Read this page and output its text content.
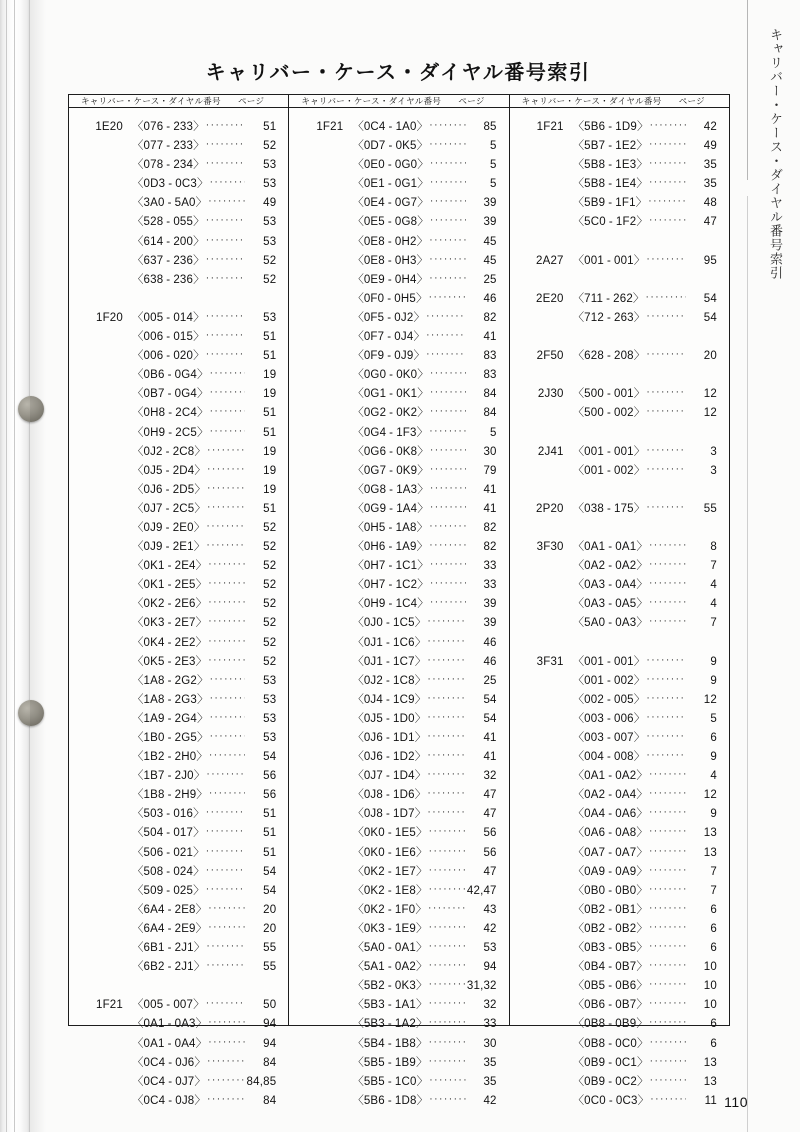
キャリバー・ケース・ダイヤル番号索引
キャリバー・ケース・ダイヤル番号索引
キャリバー・ケース・ダイヤル番号 ページ
1E20 〈076 - 233〉 ·····	51
〈077 - 233〉 ·····	52
〈078 - 234〉 ·····	53
〈0D3 - 0C3〉 ·····	53
〈3A0 - 5A0〉 ·····	49
〈528 - 055〉 ·····	53
〈614 - 200〉 ·····	53
〈637 - 236〉 ·····	52
〈638 - 236〉 ·····	52
1F20 〈005 - 014〉 ·····	53
〈006 - 015〉 ·····	51
〈006 - 020〉 ·····	51
〈0B6 - 0G4〉 ·····	19
〈0B7 - 0G4〉 ·····	19
〈0H8 - 2C4〉 ·····	51
〈0H9 - 2C5〉 ·····	51
〈0J2 - 2C8〉 ·····	19
〈0J5 - 2D4〉 ·····	19
〈0J6 - 2D5〉 ·····	19
〈0J7 - 2C5〉 ·····	51
〈0J9 - 2E0〉 ·····	52
〈0J9 - 2E1〉 ·····	52
〈0K1 - 2E4〉 ·····	52
〈0K1 - 2E5〉 ·····	52
〈0K2 - 2E6〉 ·····	52
〈0K3 - 2E7〉 ·····	52
〈0K4 - 2E2〉 ·····	52
〈0K5 - 2E3〉 ·····	52
〈1A8 - 2G2〉 ·····	53
〈1A8 - 2G3〉 ·····	53
〈1A9 - 2G4〉 ·····	53
〈1B0 - 2G5〉 ·····	53
〈1B2 - 2H0〉 ·····	54
〈1B7 - 2J0〉 ·····	56
〈1B8 - 2H9〉 ·····	56
〈503 - 016〉 ·····	51
〈504 - 017〉 ·····	51
〈506 - 021〉 ·····	51
〈508 - 024〉 ·····	54
〈509 - 025〉 ·····	54
〈6A4 - 2E8〉 ·····	20
〈6A4 - 2E9〉 ·····	20
〈6B1 - 2J1〉 ·····	55
〈6B2 - 2J1〉 ·····	55
1F21 〈005 - 007〉 ·····	50
〈0A1 - 0A3〉 ·····	94
〈0A1 - 0A4〉 ·····	94
〈0C4 - 0J6〉 ·····	84
〈0C4 - 0J7〉 ·····	84,85
〈0C4 - 0J8〉 ·····	84
キャリバー・ケース・ダイヤル番号 ページ
1F21 〈0C4 - 1A0〉 ·····	85
〈0D7 - 0K5〉 ·····	5
〈0E0 - 0G0〉 ·····	5
〈0E1 - 0G1〉 ·····	5
〈0E4 - 0G7〉 ·····	39
〈0E5 - 0G8〉 ·····	39
〈0E8 - 0H2〉 ·····	45
〈0E8 - 0H3〉 ·····	45
〈0E9 - 0H4〉 ·····	25
〈0F0 - 0H5〉 ·····	46
〈0F5 - 0J2〉 ·····	82
〈0F7 - 0J4〉 ·····	41
〈0F9 - 0J9〉 ·····	83
〈0G0 - 0K0〉 ·····	83
〈0G1 - 0K1〉 ·····	84
〈0G2 - 0K2〉 ·····	84
〈0G4 - 1F3〉 ·····	5
〈0G6 - 0K8〉 ·····	30
〈0G7 - 0K9〉 ·····	79
〈0G8 - 1A3〉 ·····	41
〈0G9 - 1A4〉 ·····	41
〈0H5 - 1A8〉 ·····	82
〈0H6 - 1A9〉 ·····	82
〈0H7 - 1C1〉 ·····	33
〈0H7 - 1C2〉 ·····	33
〈0H9 - 1C4〉 ·····	39
〈0J0 - 1C5〉 ·····	39
〈0J1 - 1C6〉 ·····	46
〈0J1 - 1C7〉 ·····	46
〈0J2 - 1C8〉 ·····	25
〈0J4 - 1C9〉 ·····	54
〈0J5 - 1D0〉 ·····	54
〈0J6 - 1D1〉 ·····	41
〈0J6 - 1D2〉 ·····	41
〈0J7 - 1D4〉 ·····	32
〈0J8 - 1D6〉 ·····	47
〈0J8 - 1D7〉 ·····	47
〈0K0 - 1E5〉 ·····	56
〈0K0 - 1E6〉 ·····	56
〈0K2 - 1E7〉 ·····	47
〈0K2 - 1E8〉 ·····	42,47
〈0K2 - 1F0〉 ·····	43
〈0K3 - 1E9〉 ·····	42
〈5A0 - 0A1〉 ·····	53
〈5A1 - 0A2〉 ·····	94
〈5B2 - 0K3〉 ·····	31,32
〈5B3 - 1A1〉 ·····	32
〈5B3 - 1A2〉 ·····	33
〈5B4 - 1B8〉 ·····	30
〈5B5 - 1B9〉 ·····	35
〈5B5 - 1C0〉 ·····	35
〈5B6 - 1D8〉 ·····	42
キャリバー・ケース・ダイヤル番号 ページ
1F21 〈5B6 - 1D9〉 ·····	42
〈5B7 - 1E2〉 ·····	49
〈5B8 - 1E3〉 ·····	35
〈5B8 - 1E4〉 ·····	35
〈5B9 - 1F1〉 ·····	48
〈5C0 - 1F2〉 ·····	47
2A27 〈001 - 001〉 ·····	95
2E20 〈711 - 262〉 ·····	54
〈712 - 263〉 ·····	54
2F50 〈628 - 208〉 ·····	20
2J30 〈500 - 001〉 ·····	12
〈500 - 002〉 ·····	12
2J41 〈001 - 001〉 ·····	3
〈001 - 002〉 ·····	3
2P20 〈038 - 175〉 ·····	55
3F30 〈0A1 - 0A1〉 ·····	8
〈0A2 - 0A2〉 ·····	7
〈0A3 - 0A4〉 ·····	4
〈0A3 - 0A5〉 ·····	4
〈5A0 - 0A3〉 ·····	7
3F31 〈001 - 001〉 ·····	9
〈001 - 002〉 ·····	9
〈002 - 005〉 ·····	12
〈003 - 006〉 ·····	5
〈003 - 007〉 ·····	6
〈004 - 008〉 ·····	9
〈0A1 - 0A2〉 ·····	4
〈0A2 - 0A4〉 ·····	12
〈0A4 - 0A6〉 ·····	9
〈0A6 - 0A8〉 ·····	13
〈0A7 - 0A7〉 ·····	13
〈0A9 - 0A9〉 ·····	7
〈0B0 - 0B0〉 ·····	7
〈0B2 - 0B1〉 ·····	6
〈0B2 - 0B2〉 ·····	6
〈0B3 - 0B5〉 ·····	6
〈0B4 - 0B7〉 ·····	10
〈0B5 - 0B6〉 ·····	10
〈0B6 - 0B7〉 ·····	10
〈0B8 - 0B9〉 ·····	6
〈0B8 - 0C0〉 ·····	6
〈0B9 - 0C1〉 ·····	13
〈0B9 - 0C2〉 ·····	13
〈0C0 - 0C3〉 ·····	11 110
